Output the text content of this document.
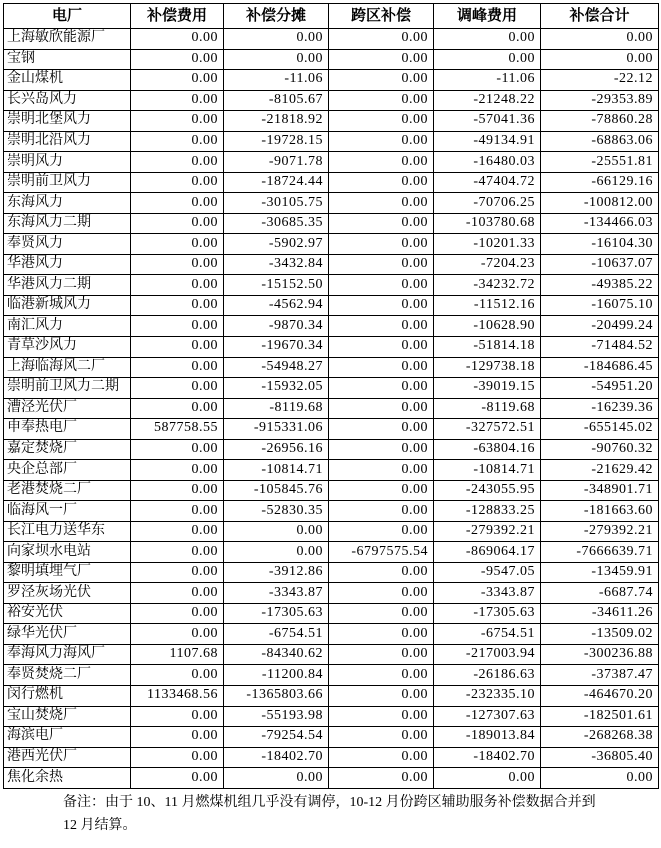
电厂	补偿费用	补偿分摊	跨区补偿	调峰费用	补偿合计
上海敏欣能源厂	0.00	0.00	0.00	0.00	0.00
宝钢	0.00	0.00	0.00	0.00	0.00
金山煤机	0.00	-11.06	0.00	-11.06	-22.12
长兴岛风力	0.00	-8105.67	0.00	-21248.22	-29353.89
崇明北堡风力	0.00	-21818.92	0.00	-57041.36	-78860.28
崇明北沿风力	0.00	-19728.15	0.00	-49134.91	-68863.06
崇明风力	0.00	-9071.78	0.00	-16480.03	-25551.81
崇明前卫风力	0.00	-18724.44	0.00	-47404.72	-66129.16
东海风力	0.00	-30105.75	0.00	-70706.25	-100812.00
东海风力二期	0.00	-30685.35	0.00	-103780.68	-134466.03
奉贤风力	0.00	-5902.97	0.00	-10201.33	-16104.30
华港风力	0.00	-3432.84	0.00	-7204.23	-10637.07
华港风力二期	0.00	-15152.50	0.00	-34232.72	-49385.22
临港新城风力	0.00	-4562.94	0.00	-11512.16	-16075.10
南汇风力	0.00	-9870.34	0.00	-10628.90	-20499.24
青草沙风力	0.00	-19670.34	0.00	-51814.18	-71484.52
上海临海风二厂	0.00	-54948.27	0.00	-129738.18	-184686.45
崇明前卫风力二期	0.00	-15932.05	0.00	-39019.15	-54951.20
漕泾光伏厂	0.00	-8119.68	0.00	-8119.68	-16239.36
申奉热电厂	587758.55	-915331.06	0.00	-327572.51	-655145.02
嘉定焚烧厂	0.00	-26956.16	0.00	-63804.16	-90760.32
央企总部厂	0.00	-10814.71	0.00	-10814.71	-21629.42
老港焚烧二厂	0.00	-105845.76	0.00	-243055.95	-348901.71
临海风一厂	0.00	-52830.35	0.00	-128833.25	-181663.60
长江电力送华东	0.00	0.00	0.00	-279392.21	-279392.21
向家坝水电站	0.00	0.00	-6797575.54	-869064.17	-7666639.71
黎明填埋气厂	0.00	-3912.86	0.00	-9547.05	-13459.91
罗泾灰场光伏	0.00	-3343.87	0.00	-3343.87	-6687.74
裕安光伏	0.00	-17305.63	0.00	-17305.63	-34611.26
绿华光伏厂	0.00	-6754.51	0.00	-6754.51	-13509.02
奉海风力海风厂	1107.68	-84340.62	0.00	-217003.94	-300236.88
奉贤焚烧二厂	0.00	-11200.84	0.00	-26186.63	-37387.47
闵行燃机	1133468.56	-1365803.66	0.00	-232335.10	-464670.20
宝山焚烧厂	0.00	-55193.98	0.00	-127307.63	-182501.61
海滨电厂	0.00	-79254.54	0.00	-189013.84	-268268.38
港西光伏厂	0.00	-18402.70	0.00	-18402.70	-36805.40
焦化余热	0.00	0.00	0.00	0.00	0.00
备注：由于 10、11 月燃煤机组几乎没有调停，10-12 月份跨区辅助服务补偿数据合并到 12 月结算。
